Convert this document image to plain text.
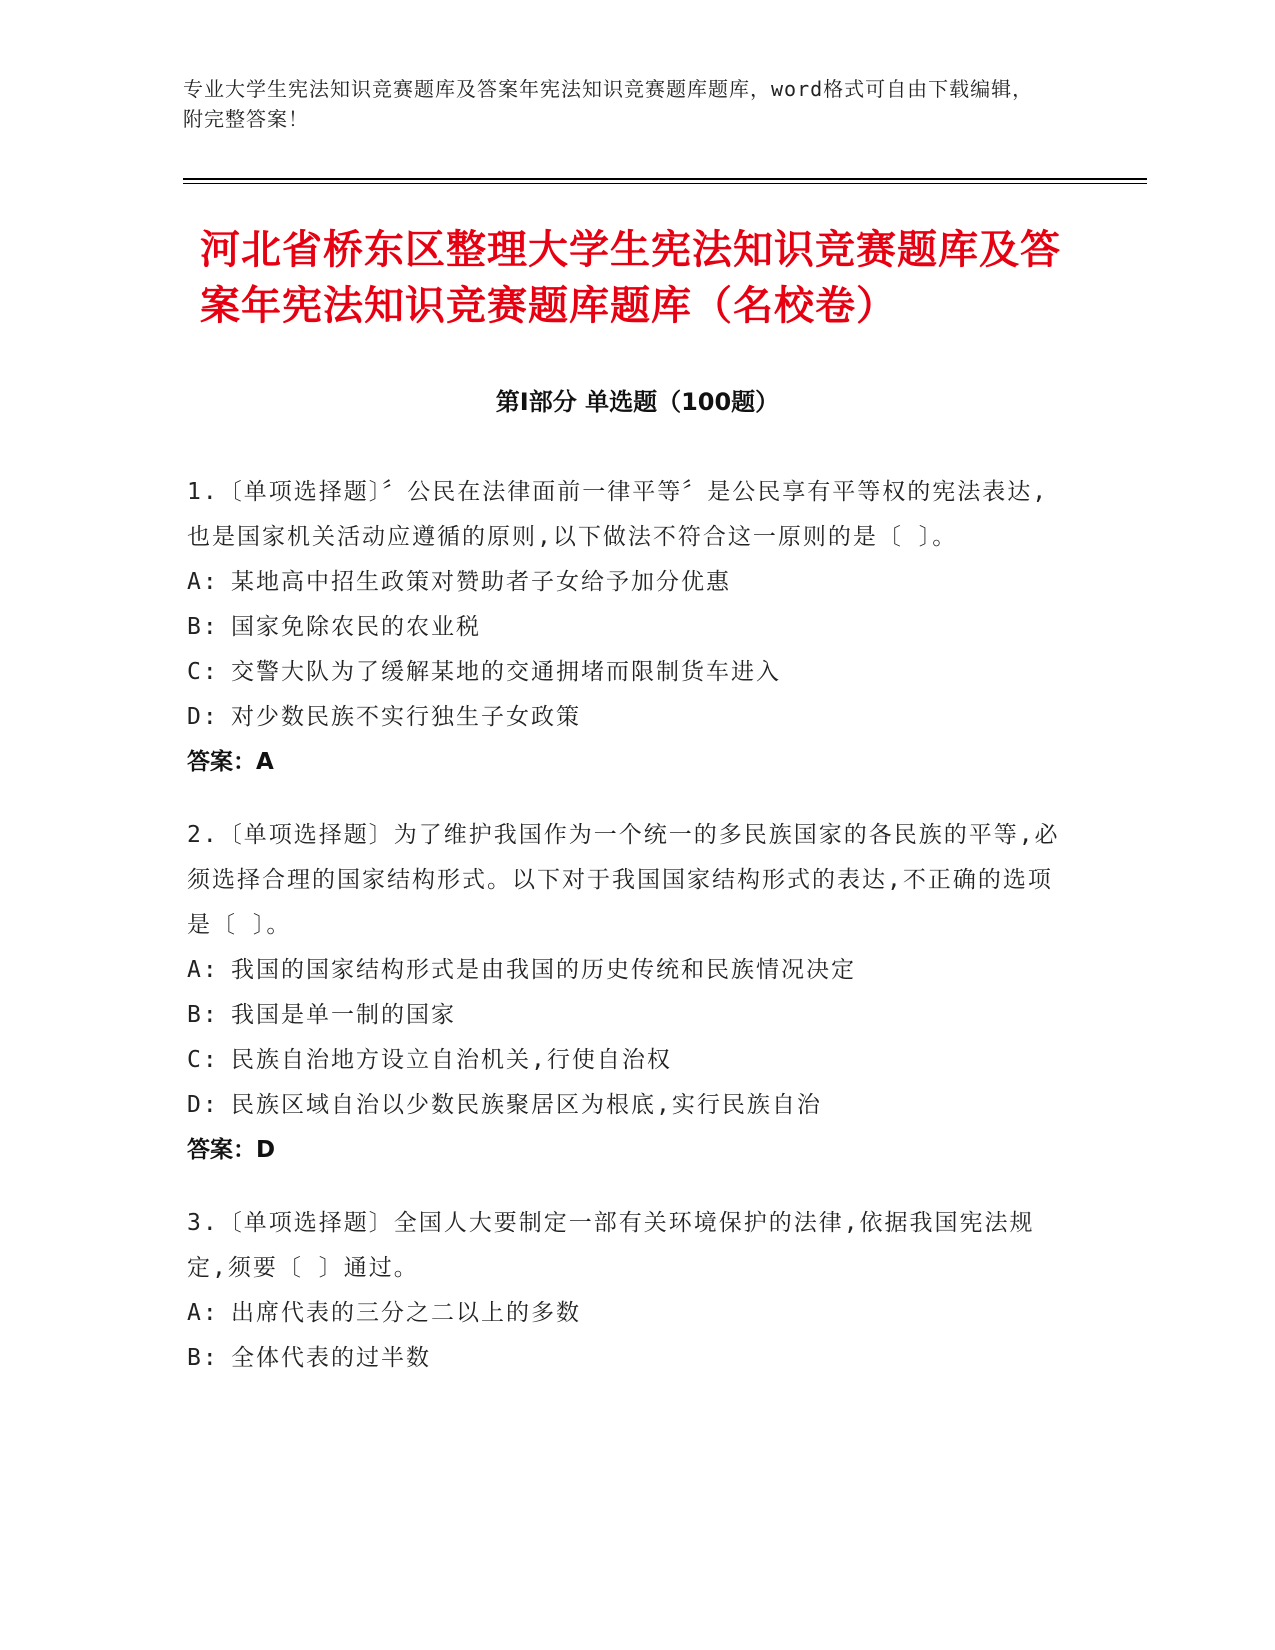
专业大学生宪法知识竞赛题库及答案年宪法知识竞赛题库题库，word格式可自由下载编辑，附完整答案！
河北省桥东区整理大学生宪法知识竞赛题库及答案年宪法知识竞赛题库题库（名校卷）
第Ⅰ部分 单选题（100题）
1.〔单项选择题〕〞公民在法律面前一律平等〞是公民享有平等权的宪法表达,也是国家机关活动应遵循的原则,以下做法不符合这一原则的是〔 〕。
A: 某地高中招生政策对赞助者子女给予加分优惠
B: 国家免除农民的农业税
C: 交警大队为了缓解某地的交通拥堵而限制货车进入
D: 对少数民族不实行独生子女政策
答案：A
2.〔单项选择题〕为了维护我国作为一个统一的多民族国家的各民族的平等,必须选择合理的国家结构形式。以下对于我国国家结构形式的表达,不正确的选项是〔 〕。
A: 我国的国家结构形式是由我国的历史传统和民族情况决定
B: 我国是单一制的国家
C: 民族自治地方设立自治机关,行使自治权
D: 民族区域自治以少数民族聚居区为根底,实行民族自治
答案：D
3.〔单项选择题〕全国人大要制定一部有关环境保护的法律,依据我国宪法规定,须要〔 〕通过。
A: 出席代表的三分之二以上的多数
B: 全体代表的过半数
